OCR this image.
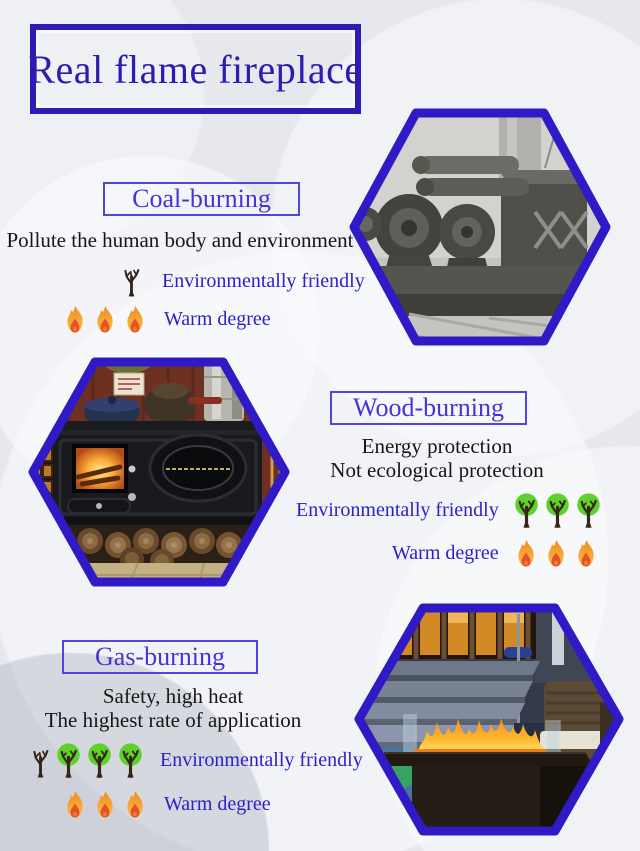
Real flame fireplace
Coal-burning
Pollute the human body and environment
Environmentally friendly
Warm degree
Wood-burning
Energy protection
Not ecological protection
Environmentally friendly
Warm degree
Gas-burning
Safety, high heat
The highest rate of application
Environmentally friendly
Warm degree
